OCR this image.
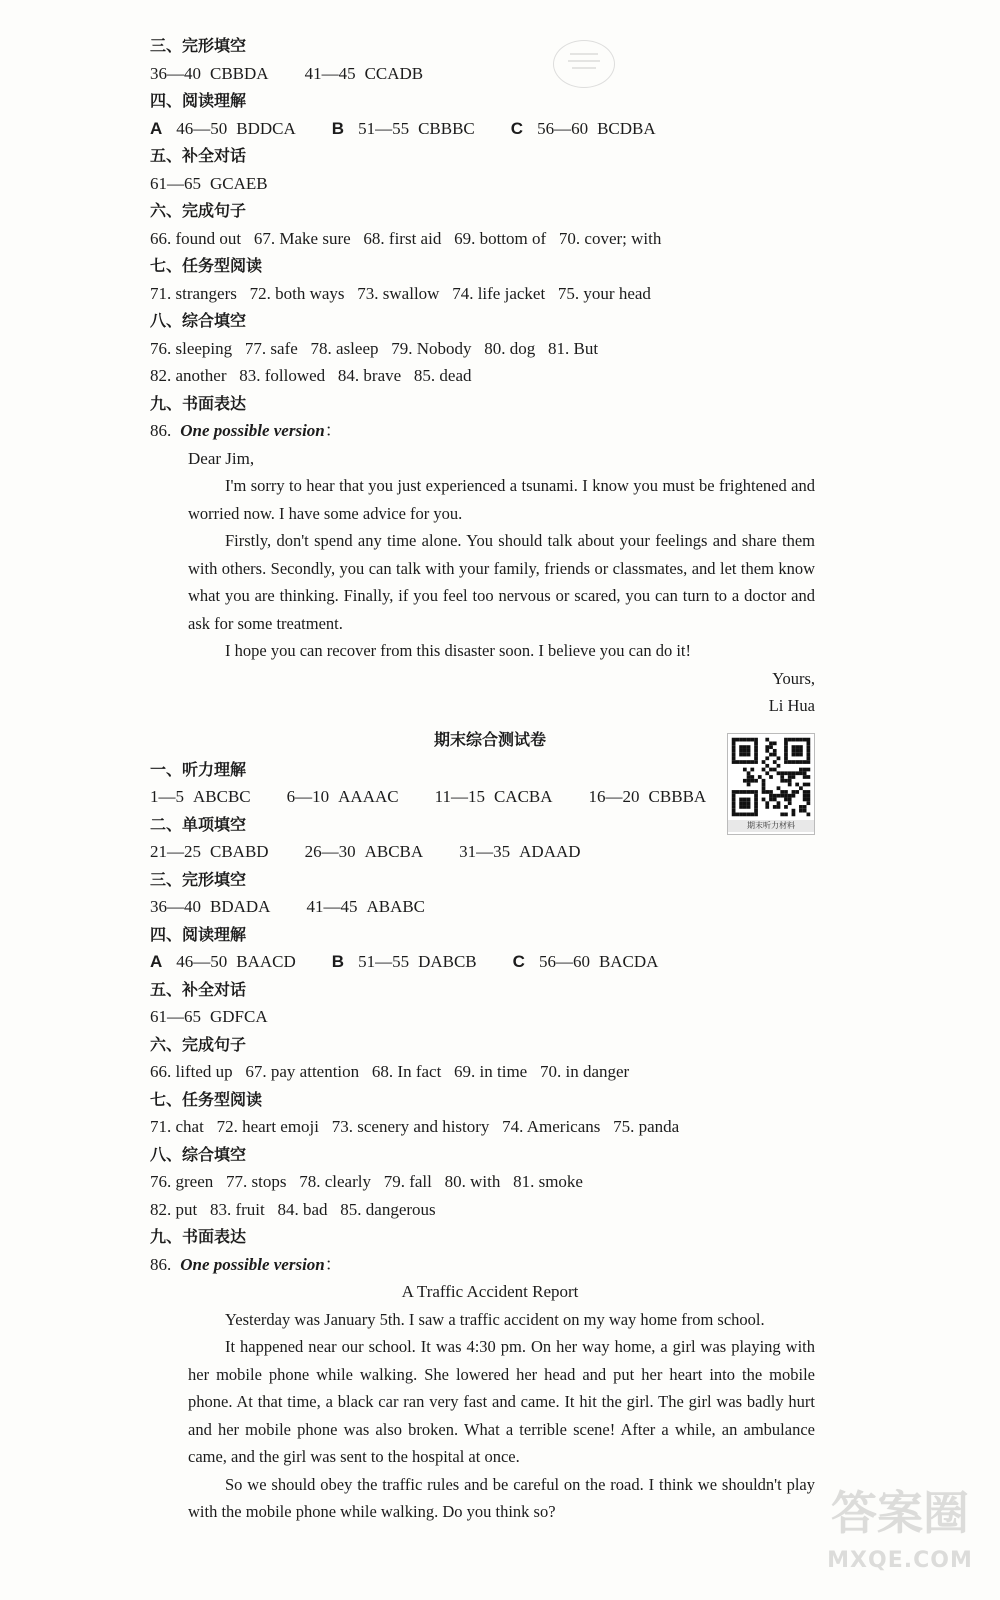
三、完形填空
36—40 CBBDA 41—45 CCADB
四、阅读理解
A 46—50 BDDCA B 51—55 CBBBC C 56—60 BCDBA
五、补全对话
61—65 GCAEB
六、完成句子
66. found out   67. Make sure   68. first aid   69. bottom of   70. cover; with
七、任务型阅读
71. strangers   72. both ways   73. swallow   74. life jacket   75. your head
八、综合填空
76. sleeping   77. safe   78. asleep   79. Nobody   80. dog   81. But
82. another   83. followed   84. brave   85. dead
九、书面表达
86. One possible version：
Dear Jim,
I'm sorry to hear that you just experienced a tsunami. I know you must be frightened and worried now. I have some advice for you.
Firstly, don't spend any time alone. You should talk about your feelings and share them with others. Secondly, you can talk with your family, friends or classmates, and let them know what you are thinking. Finally, if you feel too nervous or scared, you can turn to a doctor and ask for some treatment.
I hope you can recover from this disaster soon. I believe you can do it!
Yours,
Li Hua
期末综合测试卷
一、听力理解
1—5 ABCBC 6—10 AAAAC 11—15 CACBA 16—20 CBBBA
二、单项填空
21—25 CBABD 26—30 ABCBA 31—35 ADAAD
三、完形填空
36—40 BDADA 41—45 ABABC
四、阅读理解
A 46—50 BAACD B 51—55 DABCB C 56—60 BACDA
五、补全对话
61—65 GDFCA
六、完成句子
66. lifted up   67. pay attention   68. In fact   69. in time   70. in danger
七、任务型阅读
71. chat   72. heart emoji   73. scenery and history   74. Americans   75. panda
八、综合填空
76. green   77. stops   78. clearly   79. fall   80. with   81. smoke
82. put   83. fruit   84. bad   85. dangerous
九、书面表达
86. One possible version：
A Traffic Accident Report
Yesterday was January 5th. I saw a traffic accident on my way home from school.
It happened near our school. It was 4:30 pm. On her way home, a girl was playing with her mobile phone while walking. She lowered her head and put her heart into the mobile phone. At that time, a black car ran very fast and came. It hit the girl. The girl was badly hurt and her mobile phone was also broken. What a terrible scene! After a while, an ambulance came, and the girl was sent to the hospital at once.
So we should obey the traffic rules and be careful on the road. I think we shouldn't play with the mobile phone while walking. Do you think so?
期末听力材料
答案圈
MXQE.COM
